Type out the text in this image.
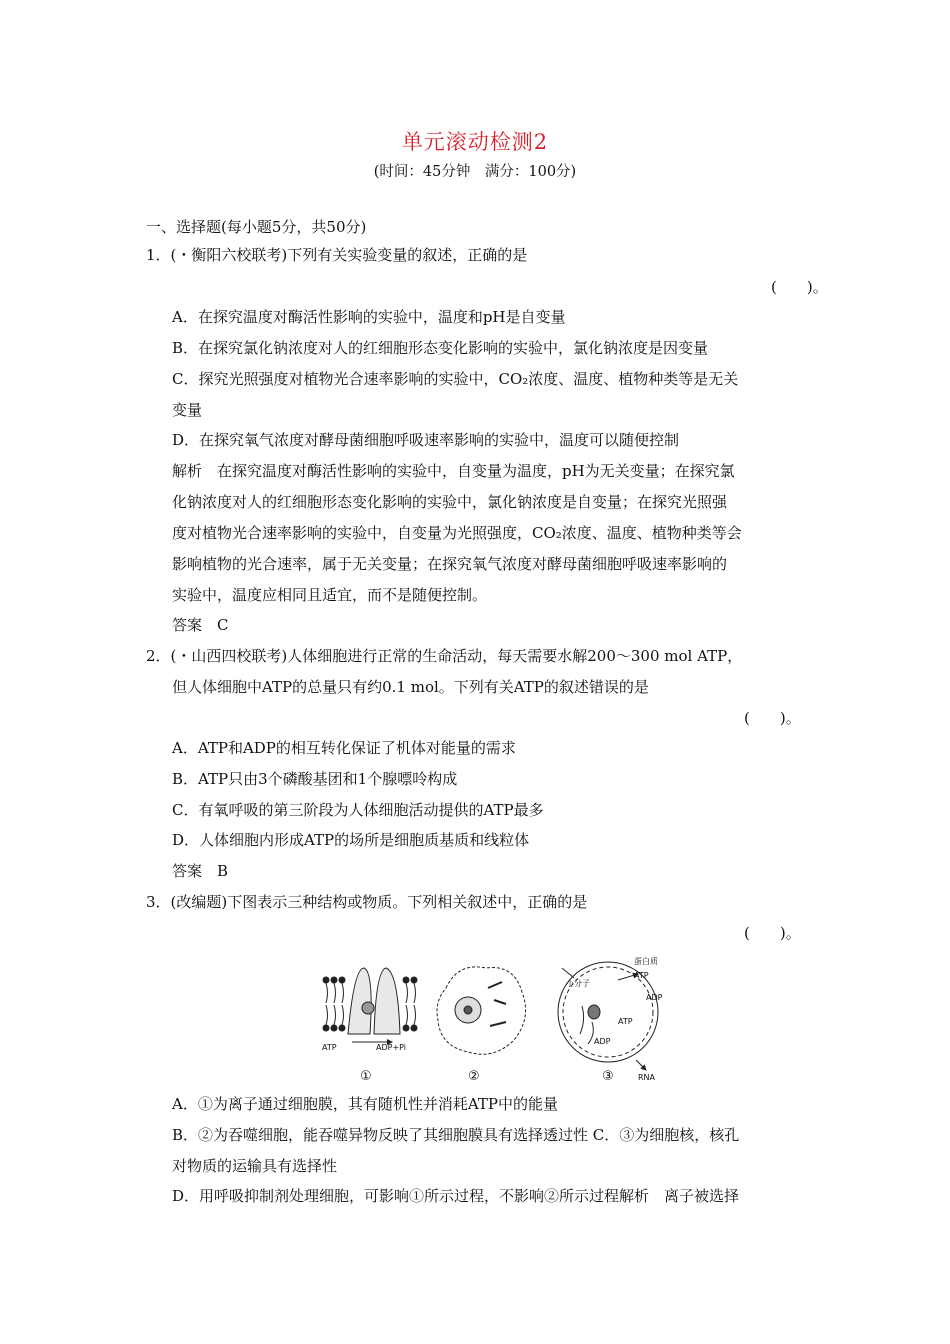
单元滚动检测2
(时间：45分钟　满分：100分)
一、选择题(每小题5分，共50分)
1．(・衡阳六校联考)下列有关实验变量的叙述，正确的是
(　　)。
A．在探究温度对酶活性影响的实验中，温度和pH是自变量
B．在探究氯化钠浓度对人的红细胞形态变化影响的实验中，氯化钠浓度是因变量
C．探究光照强度对植物光合速率影响的实验中，CO₂浓度、温度、植物种类等是无关
变量
D．在探究氧气浓度对酵母菌细胞呼吸速率影响的实验中，温度可以随便控制
解析　在探究温度对酶活性影响的实验中，自变量为温度，pH为无关变量；在探究氯
化钠浓度对人的红细胞形态变化影响的实验中，氯化钠浓度是自变量；在探究光照强
度对植物光合速率影响的实验中，自变量为光照强度，CO₂浓度、温度、植物种类等会
影响植物的光合速率，属于无关变量；在探究氧气浓度对酵母菌细胞呼吸速率影响的
实验中，温度应相同且适宜，而不是随便控制。
答案　C
2．(・山西四校联考)人体细胞进行正常的生命活动，每天需要水解200～300 mol ATP，
但人体细胞中ATP的总量只有约0.1 mol。下列有关ATP的叙述错误的是
(　　)。
A．ATP和ADP的相互转化保证了机体对能量的需求
B．ATP只由3个磷酸基团和1个腺嘌呤构成
C．有氧呼吸的第三阶段为人体细胞活动提供的ATP最多
D．人体细胞内形成ATP的场所是细胞质基质和线粒体
答案　B
3．(改编题)下图表示三种结构或物质。下列相关叙述中，正确的是
(　　)。
ATP	ADP+Pi
①	②	③
蛋白质
ATP
ADP
小分子
ATP
ADP
RNA
A．①为离子通过细胞膜，其有随机性并消耗ATP中的能量
B．②为吞噬细胞，能吞噬异物反映了其细胞膜具有选择透过性 C．③为细胞核，核孔
对物质的运输具有选择性
D．用呼吸抑制剂处理细胞，可影响①所示过程，不影响②所示过程解析　离子被选择
